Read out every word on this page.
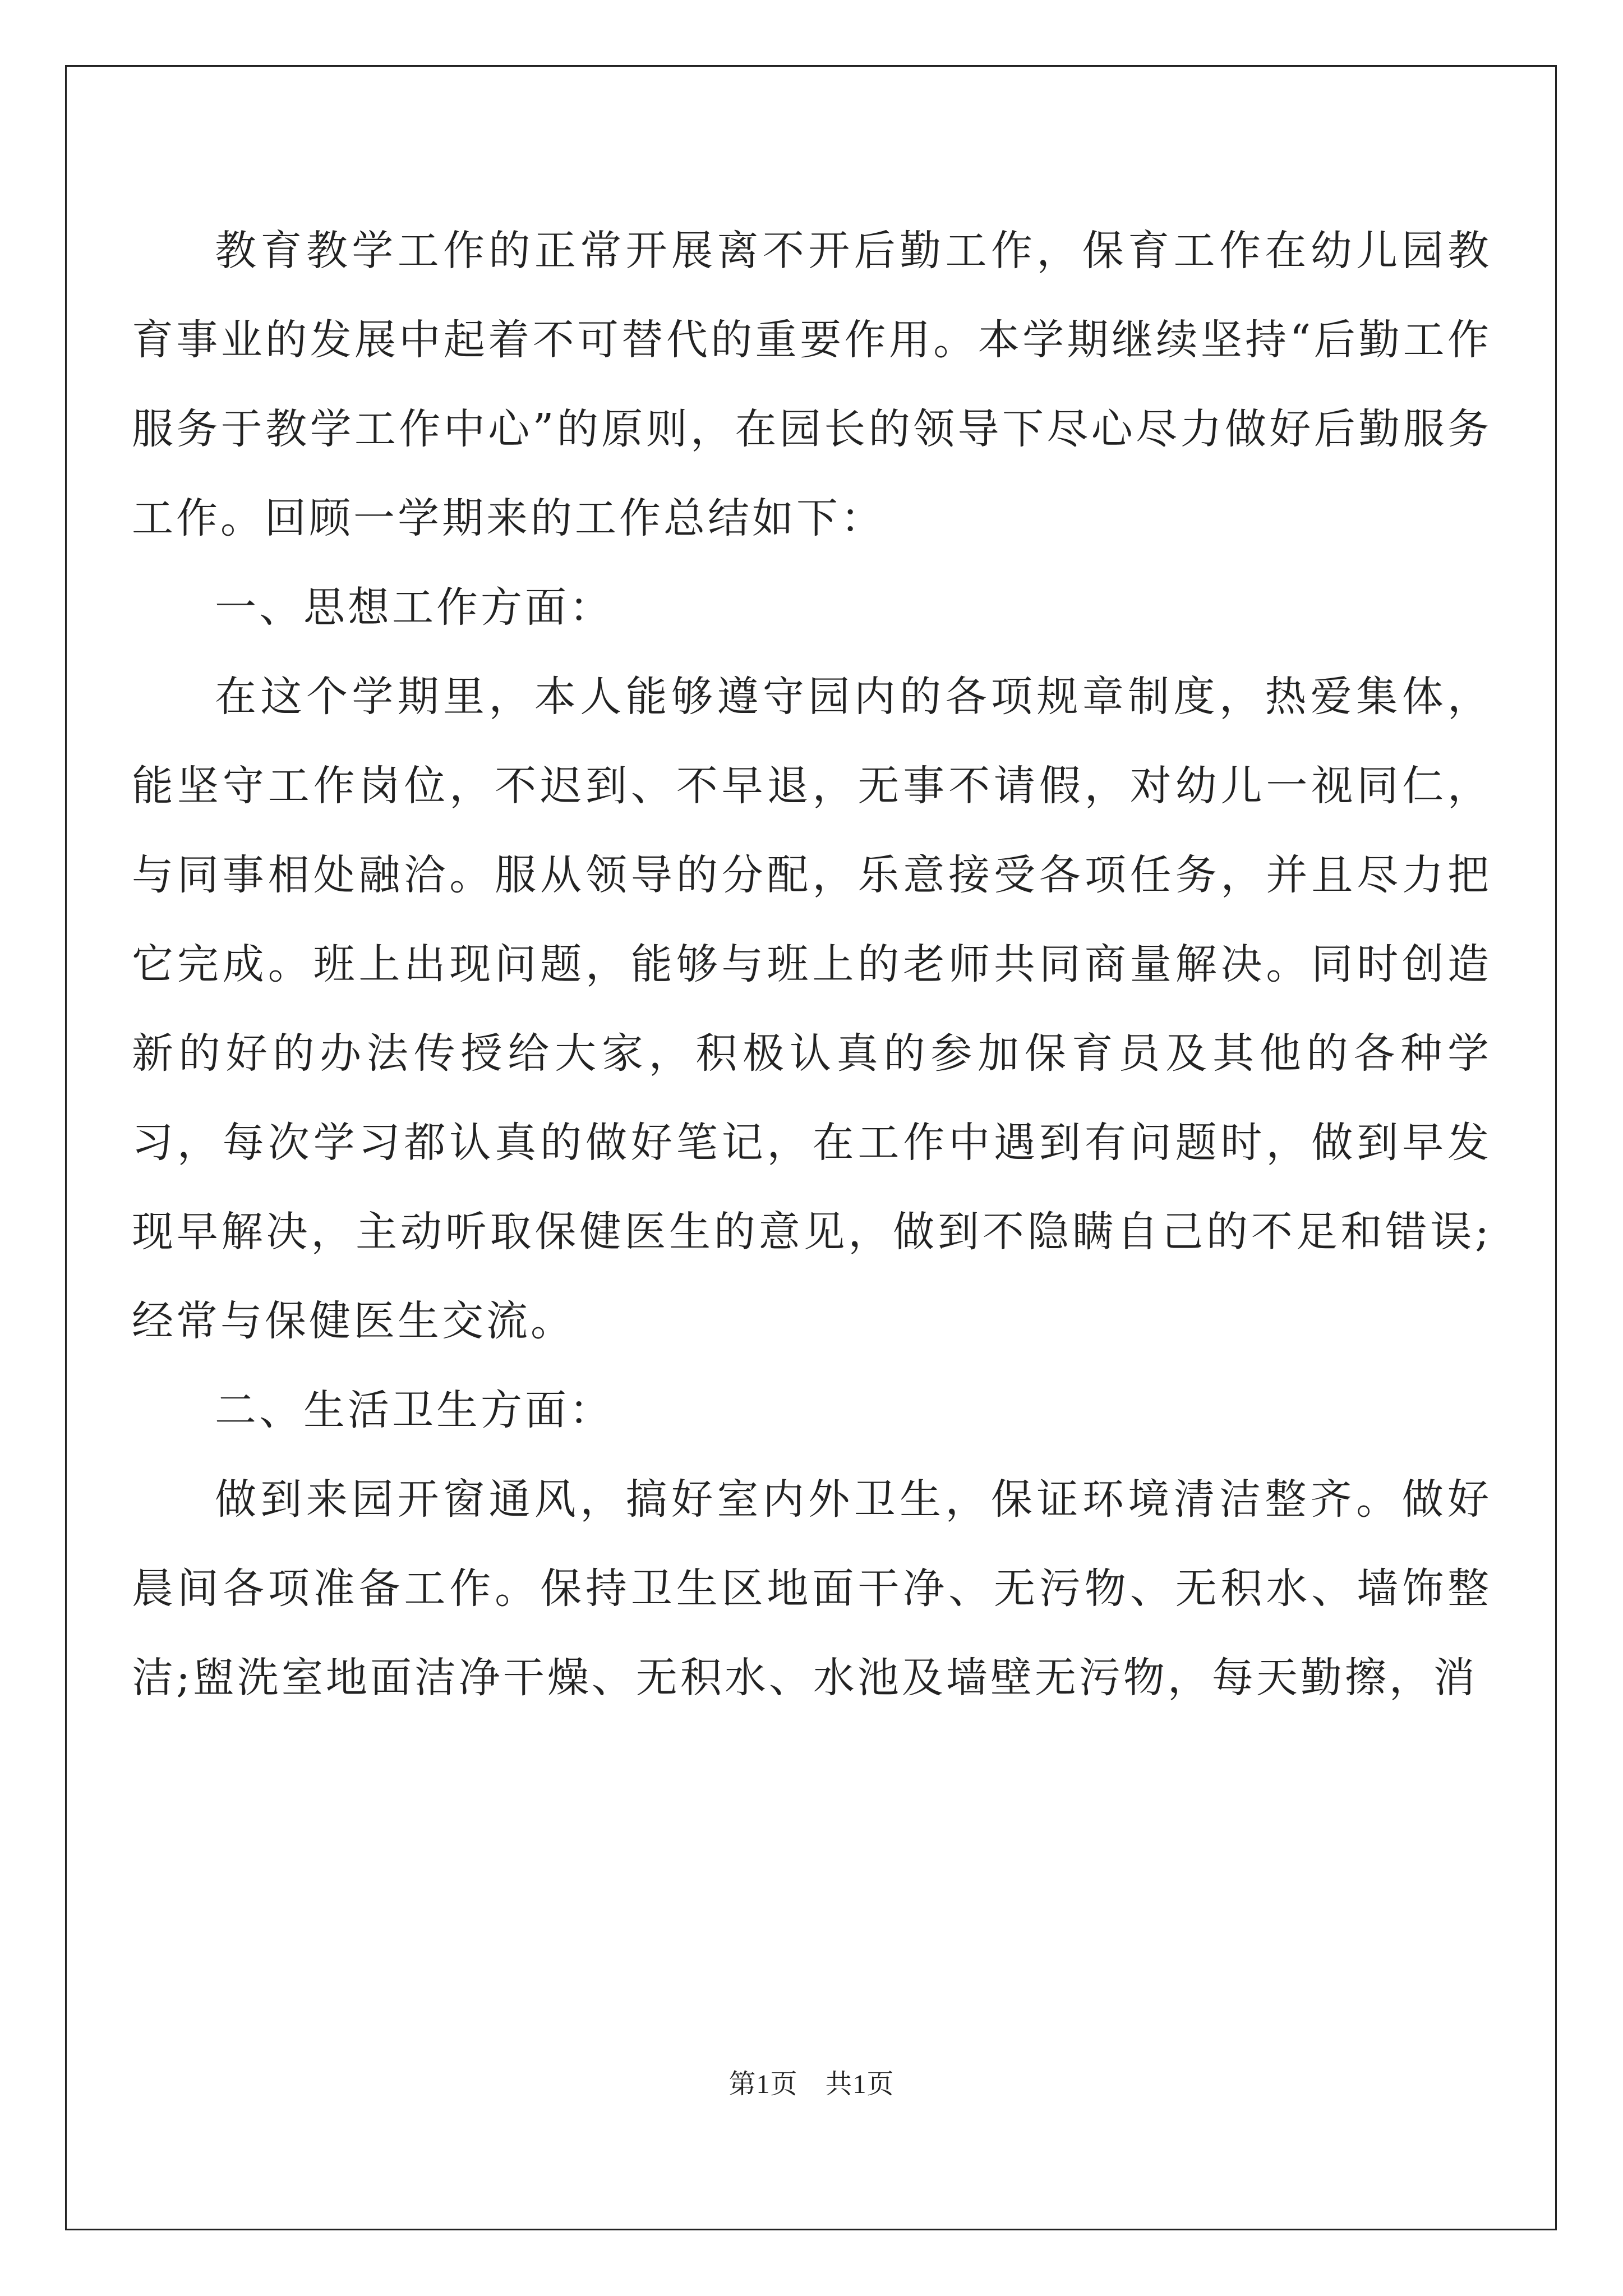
教育教学工作的正常开展离不开后勤工作，保育工作在幼儿园教育事业的发展中起着不可替代的重要作用。本学期继续坚持“后勤工作服务于教学工作中心”的原则，在园长的领导下尽心尽力做好后勤服务工作。回顾一学期来的工作总结如下：

一、思想工作方面：

在这个学期里，本人能够遵守园内的各项规章制度，热爱集体，能坚守工作岗位，不迟到、不早退，无事不请假，对幼儿一视同仁，与同事相处融洽。服从领导的分配，乐意接受各项任务，并且尽力把它完成。班上出现问题，能够与班上的老师共同商量解决。同时创造新的好的办法传授给大家，积极认真的参加保育员及其他的各种学习，每次学习都认真的做好笔记，在工作中遇到有问题时，做到早发现早解决，主动听取保健医生的意见，做到不隐瞒自己的不足和错误;经常与保健医生交流。

二、生活卫生方面：

做到来园开窗通风，搞好室内外卫生，保证环境清洁整齐。做好晨间各项准备工作。保持卫生区地面干净、无污物、无积水、墙饰整洁;盥洗室地面洁净干燥、无积水、水池及墙壁无污物，每天勤擦，消

第1页　共1页
